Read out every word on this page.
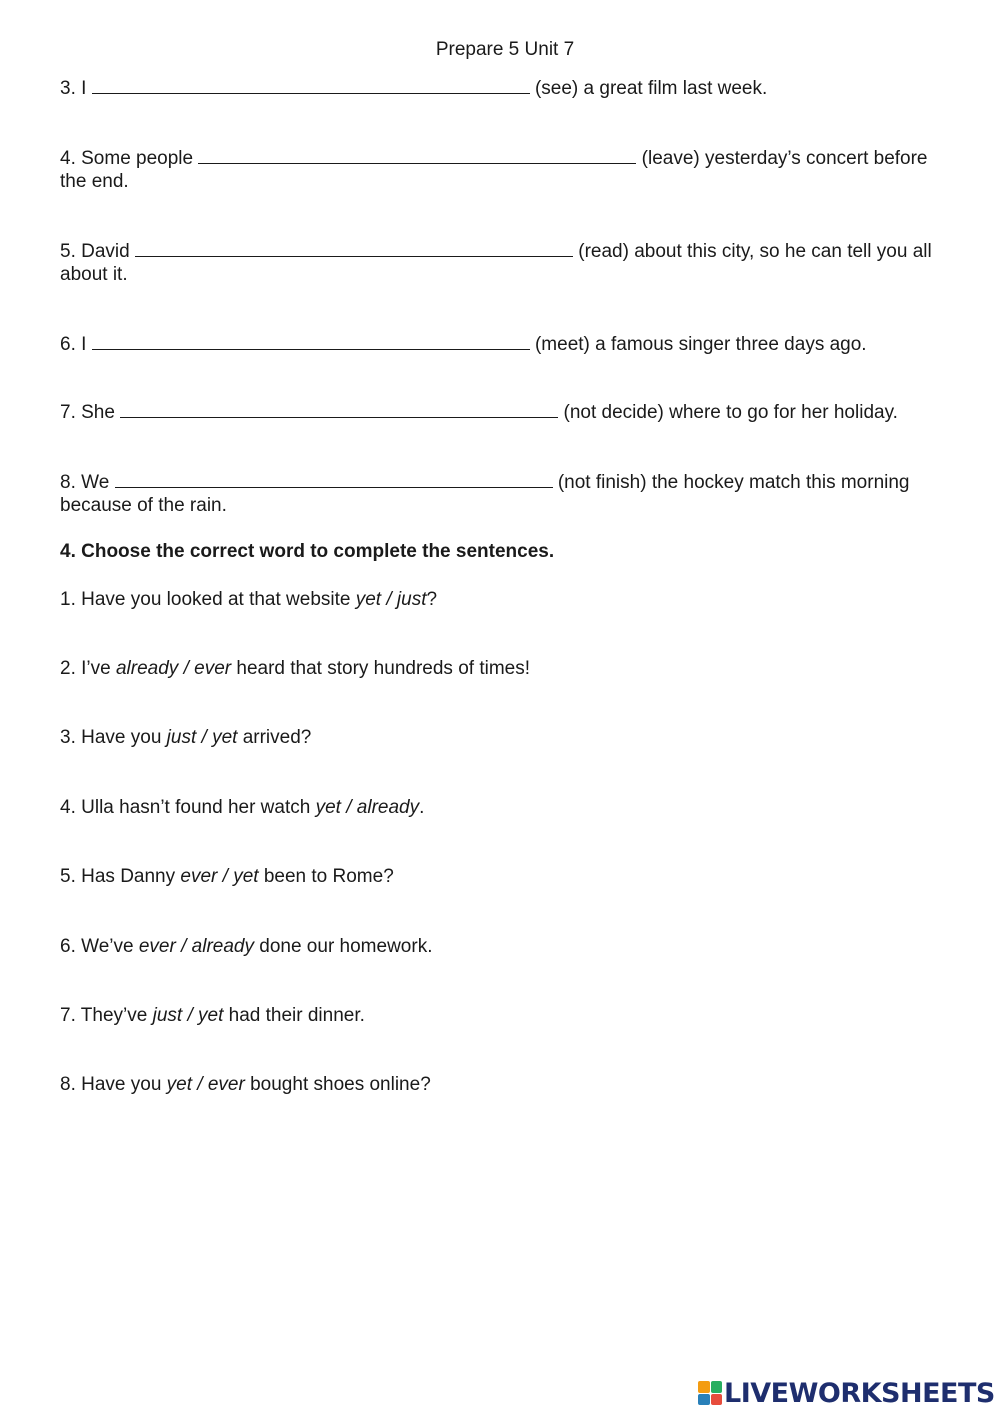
Prepare 5 Unit 7
3. I	(see) a great film last week.
4. Some people	(leave) yesterday’s concert before the end.
5. David	(read) about this city, so he can tell you all about it.
6. I	(meet) a famous singer three days ago.
7. She	(not decide) where to go for her holiday.
8. We	(not finish) the hockey match this morning because of the rain.
4. Choose the correct word to complete the sentences.
1. Have you looked at that website yet / just?
2. I’ve already / ever heard that story hundreds of times!
3. Have you just / yet arrived?
4. Ulla hasn’t found her watch yet / already.
5. Has Danny ever / yet been to Rome?
6. We’ve ever / already done our homework.
7. They’ve just / yet had their dinner.
8. Have you yet / ever bought shoes online?
LIVEWORKSHEETS
